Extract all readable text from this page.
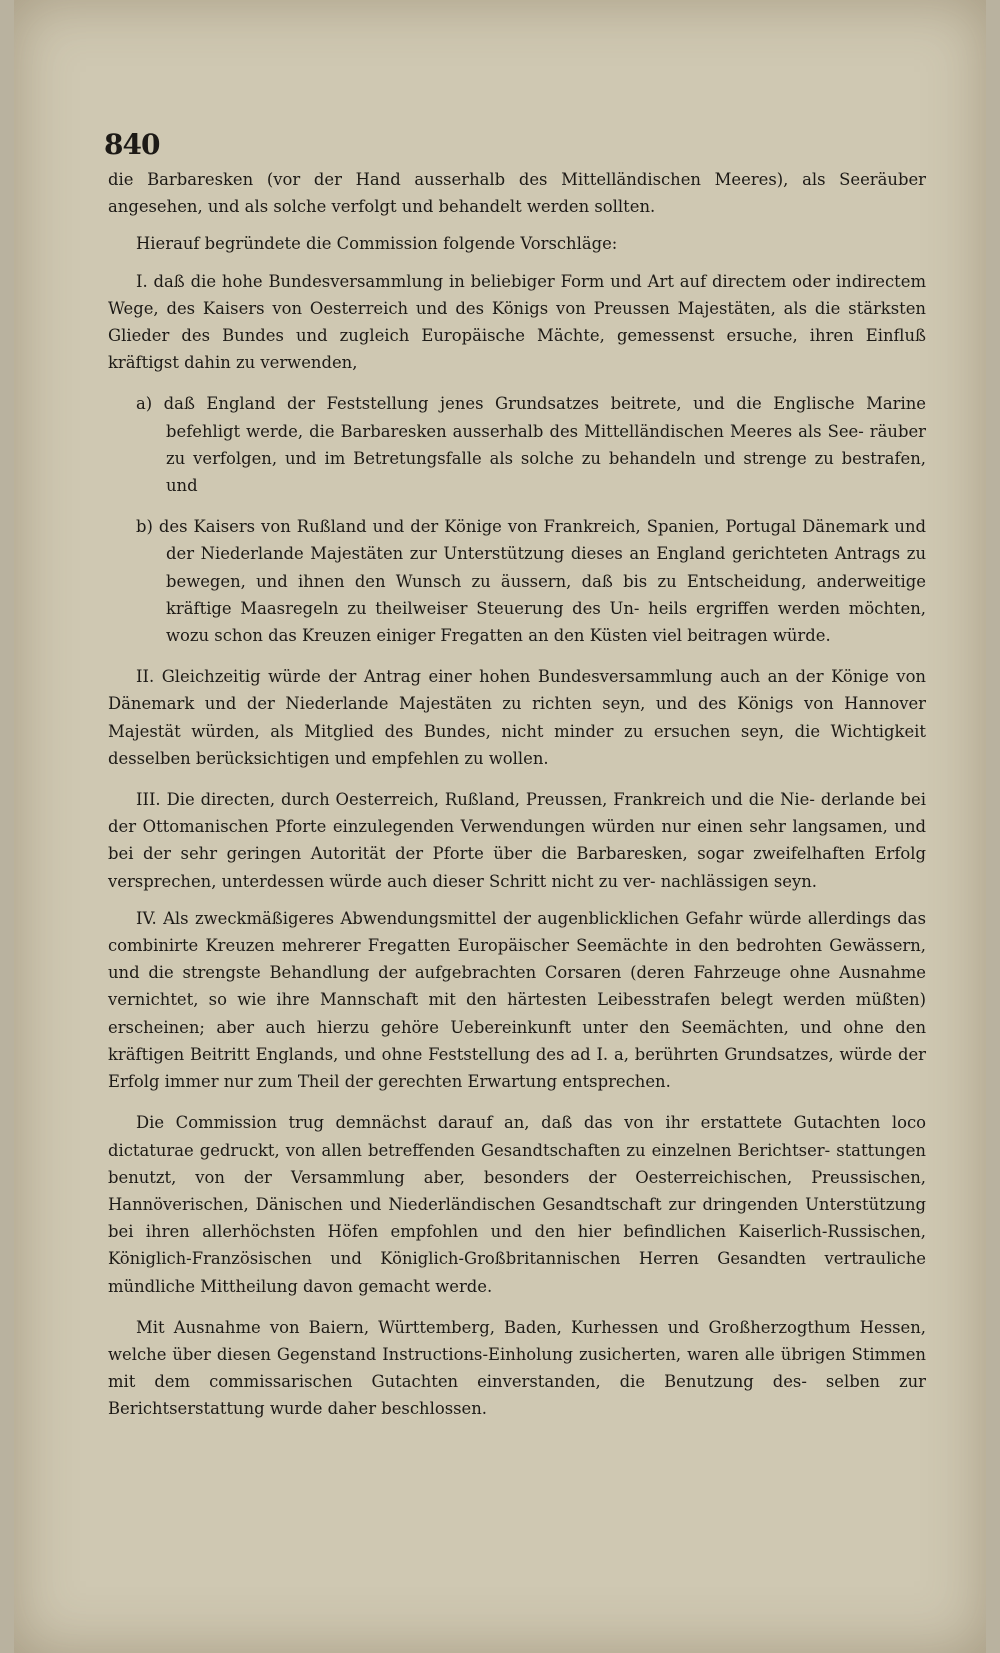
840

die Barbaresken (vor der Hand ausserhalb des Mittelländischen Meeres), als Seeräuber angesehen, und als solche verfolgt und behandelt werden sollten.

Hierauf begründete die Commission folgende Vorschläge:

I. daß die hohe Bundesversammlung in beliebiger Form und Art auf directem oder indirectem Wege, des Kaisers von Oesterreich und des Königs von Preussen Majestäten, als die stärksten Glieder des Bundes und zugleich Europäische Mächte, gemessenst ersuche, ihren Einfluß kräftigst dahin zu verwenden,

a) daß England der Feststellung jenes Grundsatzes beitrete, und die Englische Marine befehligt werde, die Barbaresken ausserhalb des Mittelländischen Meeres als See- räuber zu verfolgen, und im Betretungsfalle als solche zu behandeln und strenge zu bestrafen, und

b) des Kaisers von Rußland und der Könige von Frankreich, Spanien, Portugal Dänemark und der Niederlande Majestäten zur Unterstützung dieses an England gerichteten Antrags zu bewegen, und ihnen den Wunsch zu äussern, daß bis zu Entscheidung, anderweitige kräftige Maasregeln zu theilweiser Steuerung des Un- heils ergriffen werden möchten, wozu schon das Kreuzen einiger Fregatten an den Küsten viel beitragen würde.

II. Gleichzeitig würde der Antrag einer hohen Bundesversammlung auch an der Könige von Dänemark und der Niederlande Majestäten zu richten seyn, und des Königs von Hannover Majestät würden, als Mitglied des Bundes, nicht minder zu ersuchen seyn, die Wichtigkeit desselben berücksichtigen und empfehlen zu wollen.

III. Die directen, durch Oesterreich, Rußland, Preussen, Frankreich und die Nie- derlande bei der Ottomanischen Pforte einzulegenden Verwendungen würden nur einen sehr langsamen, und bei der sehr geringen Autorität der Pforte über die Barbaresken, sogar zweifelhaften Erfolg versprechen, unterdessen würde auch dieser Schritt nicht zu ver- nachlässigen seyn.

IV. Als zweckmäßigeres Abwendungsmittel der augenblicklichen Gefahr würde allerdings das combinirte Kreuzen mehrerer Fregatten Europäischer Seemächte in den bedrohten Gewässern, und die strengste Behandlung der aufgebrachten Corsaren (deren Fahrzeuge ohne Ausnahme vernichtet, so wie ihre Mannschaft mit den härtesten Leibesstrafen belegt werden müßten) erscheinen; aber auch hierzu gehöre Uebereinkunft unter den Seemächten, und ohne den kräftigen Beitritt Englands, und ohne Feststellung des ad I. a, berührten Grundsatzes, würde der Erfolg immer nur zum Theil der gerechten Erwartung entsprechen.

Die Commission trug demnächst darauf an, daß das von ihr erstattete Gutachten loco dictaturae gedruckt, von allen betreffenden Gesandtschaften zu einzelnen Berichtser- stattungen benutzt, von der Versammlung aber, besonders der Oesterreichischen, Preussischen, Hannöverischen, Dänischen und Niederländischen Gesandtschaft zur dringenden Unterstützung bei ihren allerhöchsten Höfen empfohlen und den hier befindlichen Kaiserlich-Russischen, Königlich-Französischen und Königlich-Großbritannischen Herren Gesandten vertrauliche mündliche Mittheilung davon gemacht werde.

Mit Ausnahme von Baiern, Württemberg, Baden, Kurhessen und Großherzogthum Hessen, welche über diesen Gegenstand Instructions-Einholung zusicherten, waren alle übrigen Stimmen mit dem commissarischen Gutachten einverstanden, die Benutzung des- selben zur Berichtserstattung wurde daher beschlossen.
